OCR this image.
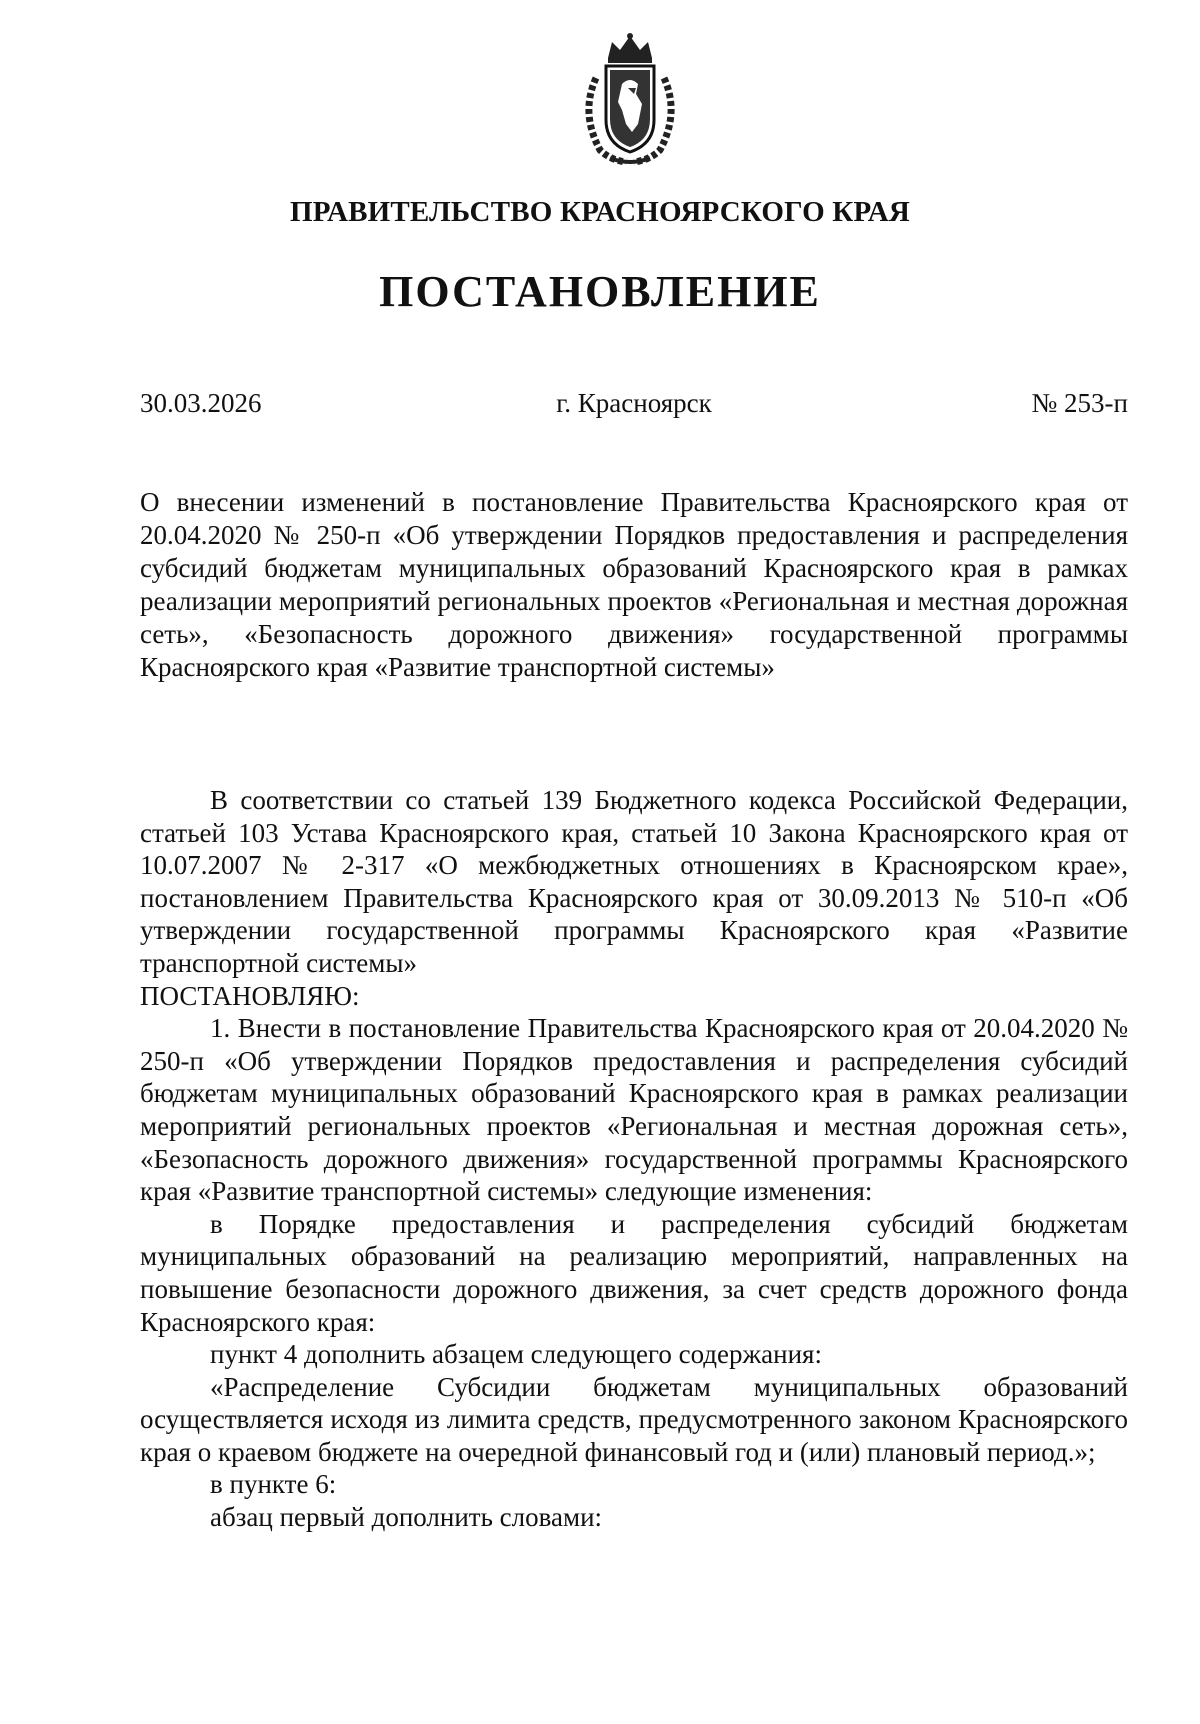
ПРАВИТЕЛЬСТВО КРАСНОЯРСКОГО КРАЯ
ПОСТАНОВЛЕНИЕ
30.03.2026	г. Красноярск	№ 253-п

О внесении изменений в постановление Правительства Красноярского края от 20.04.2020 № 250-п «Об утверждении Порядков предоставления и распределения субсидий бюджетам муниципальных образований Красноярского края в рамках реализации мероприятий региональных проектов «Региональная и местная дорожная сеть», «Безопасность дорожного движения» государственной программы Красноярского края «Развитие транспортной системы»

В соответствии со статьей 139 Бюджетного кодекса Российской Федерации, статьей 103 Устава Красноярского края, статьей 10 Закона Красноярского края от 10.07.2007 № 2-317 «О межбюджетных отношениях в Красноярском крае», постановлением Правительства Красноярского края от 30.09.2013 № 510-п «Об утверждении государственной программы Красноярского края «Развитие транспортной системы»

ПОСТАНОВЛЯЮ:

1. Внести в постановление Правительства Красноярского края от 20.04.2020 № 250-п «Об утверждении Порядков предоставления и распределения субсидий бюджетам муниципальных образований Красноярского края в рамках реализации мероприятий региональных проектов «Региональная и местная дорожная сеть», «Безопасность дорожного движения» государственной программы Красноярского края «Развитие транспортной системы» следующие изменения:

в Порядке предоставления и распределения субсидий бюджетам муниципальных образований на реализацию мероприятий, направленных на повышение безопасности дорожного движения, за счет средств дорожного фонда Красноярского края:

пункт 4 дополнить абзацем следующего содержания:

«Распределение Субсидии бюджетам муниципальных образований осуществляется исходя из лимита средств, предусмотренного законом Красноярского края о краевом бюджете на очередной финансовый год и (или) плановый период.»;

в пункте 6:

абзац первый дополнить словами:
